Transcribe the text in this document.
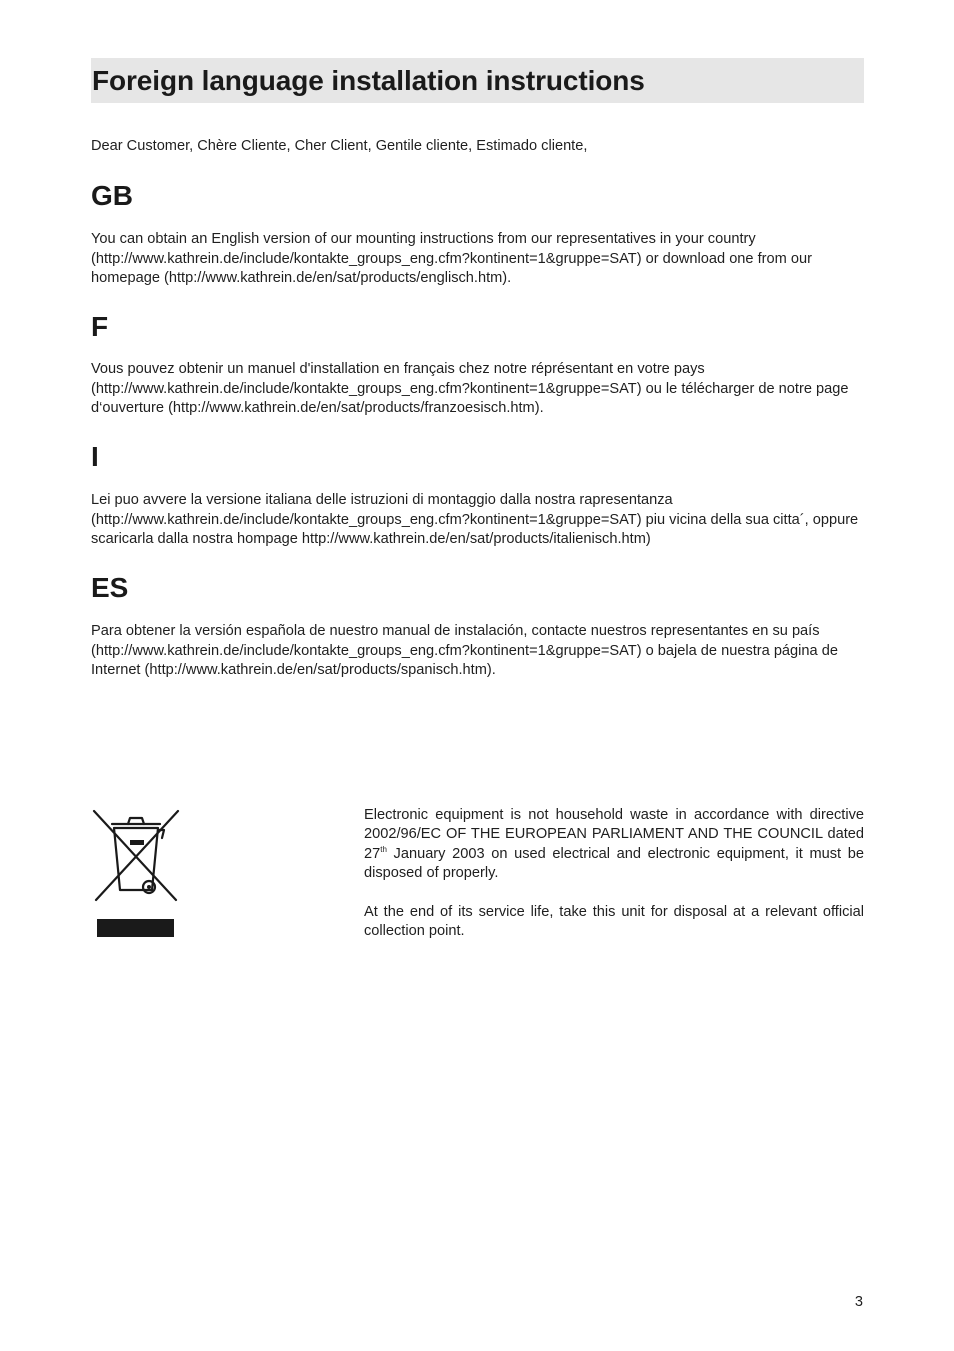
Foreign language installation instructions
Dear Customer, Chère Cliente, Cher Client, Gentile cliente, Estimado cliente,
GB

You can obtain an English version of our mounting instructions from our representatives in your country (http://www.kathrein.de/include/kontakte_groups_eng.cfm?kontinent=1&gruppe=SAT) or download one from our homepage (http://www.kathrein.de/en/sat/products/englisch.htm).

F

Vous pouvez obtenir un manuel d'installation en français chez notre réprésentant en votre pays (http://www.kathrein.de/include/kontakte_groups_eng.cfm?kontinent=1&gruppe=SAT) ou le télécharger de notre page d‘ouverture (http://www.kathrein.de/en/sat/products/franzoesisch.htm).

I

Lei puo avvere la versione italiana delle istruzioni di montaggio dalla nostra rapresentanza (http://www.kathrein.de/include/kontakte_groups_eng.cfm?kontinent=1&gruppe=SAT) piu vicina della sua citta´, oppure scaricarla dalla nostra hompage http://www.kathrein.de/en/sat/products/italienisch.htm)

ES

Para obtener la versión española de nuestro manual de instalación, contacte nuestros representantes en su país (http://www.kathrein.de/include/kontakte_groups_eng.cfm?kontinent=1&gruppe=SAT) o bajela de nuestra página de Internet (http://www.kathrein.de/en/sat/products/spanisch.htm).

Electronic equipment is not household waste in accordance with directive 2002/96/EC OF THE EUROPEAN PARLIAMENT AND THE COUNCIL dated 27th January 2003 on used electrical and electronic equipment, it must be disposed of properly.

At the end of its service life, take this unit for disposal at a relevant official collection point.

3
